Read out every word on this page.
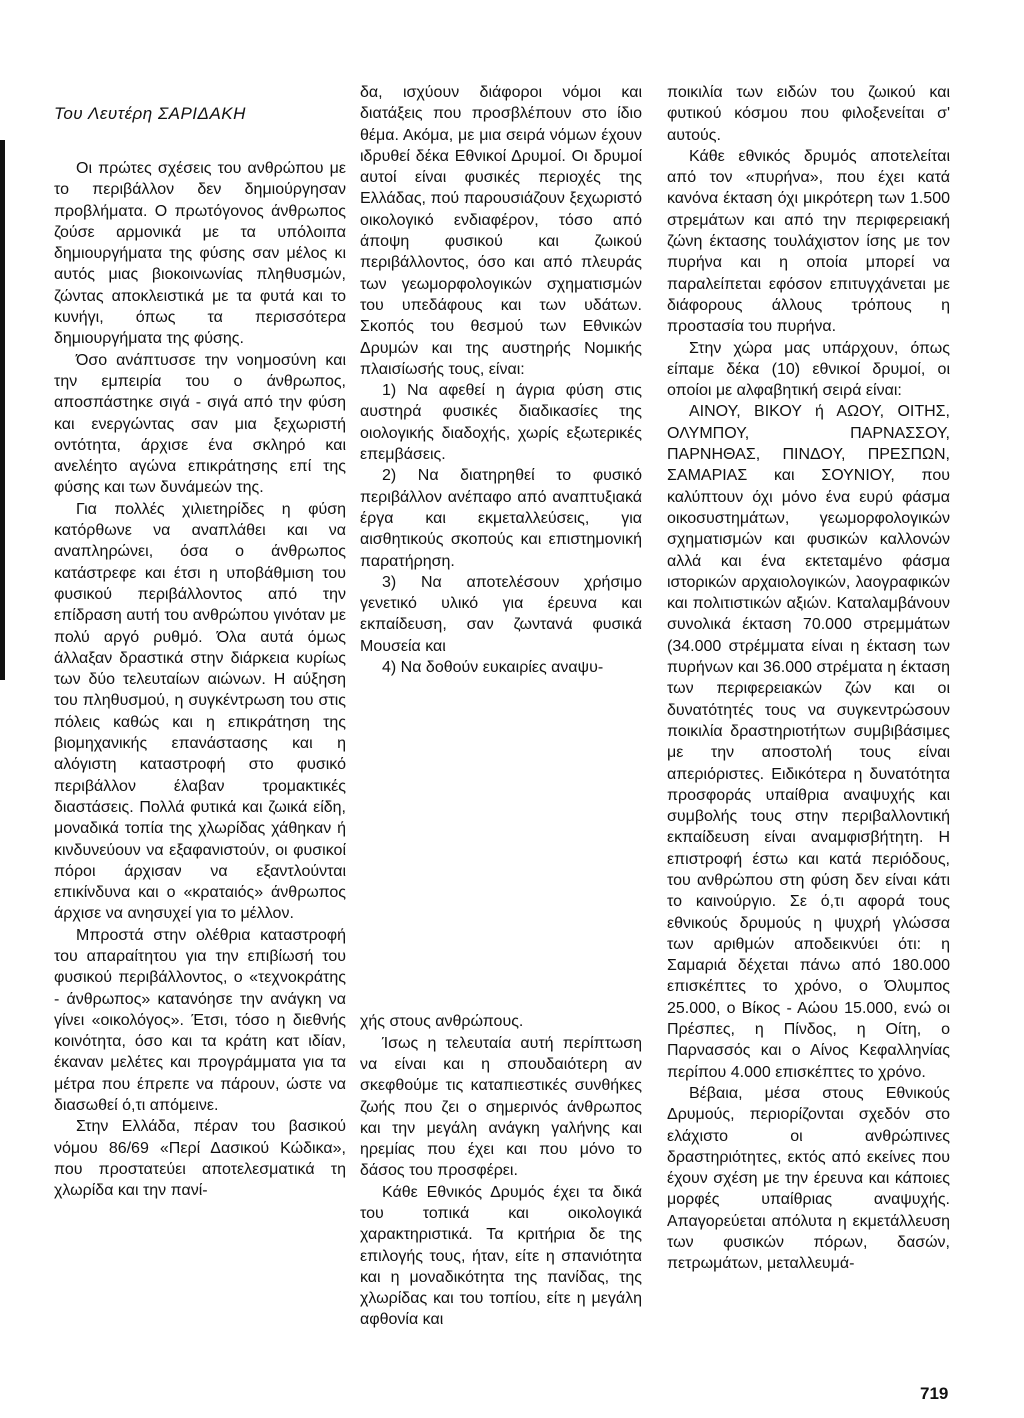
Του Λευτέρη ΣΑΡΙΔΑΚΗ

Οι πρώτες σχέσεις του ανθρώπου με το περιβάλλον δεν δημιούργησαν προβλήματα. Ο πρωτόγονος άνθρωπος ζούσε αρμονικά με τα υπόλοιπα δημιουργήματα της φύσης σαν μέλος κι αυτός μιας βιοκοινωνίας πληθυσμών, ζώντας αποκλειστικά με τα φυτά και το κυνήγι, όπως τα περισσότερα δημιουργήματα της φύσης.

Όσο ανάπτυσσε την νοημοσύνη και την εμπειρία του ο άνθρωπος, αποσπάστηκε σιγά - σιγά από την φύση και ενεργώντας σαν μια ξεχωριστή οντότητα, άρχισε ένα σκληρό και ανελέητο αγώνα επικράτησης επί της φύσης και των δυνάμεών της.

Για πολλές χιλιετηρίδες η φύση κατόρθωνε να αναπλάθει και να αναπληρώνει, όσα ο άνθρωπος κατάστρεφε και έτσι η υποβάθμιση του φυσικού περιβάλλοντος από την επίδραση αυτή του ανθρώπου γινόταν με πολύ αργό ρυθμό. Όλα αυτά όμως άλλαξαν δραστικά στην διάρκεια κυρίως των δύο τελευταίων αιώνων. Η αύξηση του πληθυσμού, η συγκέντρωση του στις πόλεις καθώς και η επικράτηση της βιομηχανικής επανάστασης και η αλόγιστη καταστροφή στο φυσικό περιβάλλον έλαβαν τρομακτικές διαστάσεις. Πολλά φυτικά και ζωικά είδη, μοναδικά τοπία της χλωρίδας χάθηκαν ή κινδυνεύουν να εξαφανιστούν, οι φυσικοί πόροι άρχισαν να εξαντλούνται επικίνδυνα και ο «κραταιός» άνθρωπος άρχισε να ανησυχεί για το μέλλον.

Μπροστά στην ολέθρια καταστροφή του απαραίτητου για την επιβίωσή του φυσικού περιβάλλοντος, ο «τεχνοκράτης - άνθρωπος» κατανόησε την ανάγκη να γίνει «οικολόγος». Έτσι, τόσο η διεθνής κοινότητα, όσο και τα κράτη κατ ιδίαν, έκαναν μελέτες και προγράμματα για τα μέτρα που έπρεπε να πάρουν, ώστε να διασωθεί ό,τι απόμεινε.

Στην Ελλάδα, πέραν του βασικού νόμου 86/69 «Περί Δασικού Κώδικα», που προστατεύει αποτελεσματικά τη χλωρίδα και την πανί-

δα, ισχύουν διάφοροι νόμοι και διατάξεις που προσβλέπουν στο ίδιο θέμα. Ακόμα, με μια σειρά νόμων έχουν ιδρυθεί δέκα Εθνικοί Δρυμοί. Οι δρυμοί αυτοί είναι φυσικές περιοχές της Ελλάδας, πού παρουσιάζουν ξεχωριστό οικολογικό ενδιαφέρον, τόσο από άποψη φυσικού και ζωικού περιβάλλοντος, όσο και από πλευράς των γεωμορφολογικών σχηματισμών του υπεδάφους και των υδάτων. Σκοπός του θεσμού των Εθνικών Δρυμών και της αυστηρής Νομικής πλαισίωσής τους, είναι:

1) Να αφεθεί η άγρια φύση στις αυστηρά φυσικές διαδικασίες της οιολογικής διαδοχής, χωρίς εξωτερικές επεμβάσεις.

2) Να διατηρηθεί το φυσικό περιβάλλον ανέπαφο από αναπτυξιακά έργα και εκμεταλλεύσεις, για αισθητικούς σκοπούς και επιστημονική παρατήρηση.

3) Να αποτελέσουν χρήσιμο γενετικό υλικό για έρευνα και εκπαίδευση, σαν ζωντανά φυσικά Μουσεία και

4) Να δοθούν ευκαιρίες αναψυ-

χής στους ανθρώπους.

Ίσως η τελευταία αυτή περίπτωση να είναι και η σπουδαιότερη αν σκεφθούμε τις καταπιεστικές συνθήκες ζωής που ζει ο σημερινός άνθρωπος και την μεγάλη ανάγκη γαλήνης και ηρεμίας που έχει και που μόνο το δάσος του προσφέρει.

Κάθε Εθνικός Δρυμός έχει τα δικά του τοπικά και οικολογικά χαρακτηριστικά. Τα κριτήρια δε της επιλογής τους, ήταν, είτε η σπανιότητα και η μοναδικότητα της πανίδας, της χλωρίδας και του τοπίου, είτε η μεγάλη αφθονία και

ποικιλία των ειδών του ζωικού και φυτικού κόσμου που φιλοξενείται σ' αυτούς.

Κάθε εθνικός δρυμός αποτελείται από τον «πυρήνα», που έχει κατά κανόνα έκταση όχι μικρότερη των 1.500 στρεμάτων και από την περιφερειακή ζώνη έκτασης τουλάχιστον ίσης με τον πυρήνα και η οποία μπορεί να παραλείπεται εφόσον επιτυγχάνεται με διάφορους άλλους τρόπους η προστασία του πυρήνα.

Στην χώρα μας υπάρχουν, όπως είπαμε δέκα (10) εθνικοί δρυμοί, οι οποίοι με αλφαβητική σειρά είναι:

ΑΙΝΟΥ, ΒΙΚΟΥ ή ΑΩΟΥ, ΟΙΤΗΣ, ΟΛΥΜΠΟΥ, ΠΑΡΝΑΣΣΟΥ, ΠΑΡΝΗΘΑΣ, ΠΙΝΔΟΥ, ΠΡΕΣΠΩΝ, ΣΑΜΑΡΙΑΣ και ΣΟΥΝΙΟΥ, που καλύπτουν όχι μόνο ένα ευρύ φάσμα οικοσυστημάτων, γεωμορφολογικών σχηματισμών και φυσικών καλλονών αλλά και ένα εκτεταμένο φάσμα ιστορικών αρχαιολογικών, λαογραφικών και πολιτιστικών αξιών. Καταλαμβάνουν συνολικά έκταση 70.000 στρεμμάτων (34.000 στρέμματα είναι η έκταση των πυρήνων και 36.000 στρέματα η έκταση των περιφερειακών ζών και οι δυνατότητές τους να συγκεντρώσουν ποικιλία δραστηριοτήτων συμβιβάσιμες με την αποστολή τους είναι απεριόριστες. Ειδικότερα η δυνατότητα προσφοράς υπαίθρια αναψυχής και συμβολής τους στην περιβαλλοντική εκπαίδευση είναι αναμφισβήτητη. Η επιστροφή έστω και κατά περιόδους, του ανθρώπου στη φύση δεν είναι κάτι το καινούργιο. Σε ό,τι αφορά τους εθνικούς δρυμούς η ψυχρή γλώσσα των αριθμών αποδεικνύει ότι: η Σαμαριά δέχεται πάνω από 180.000 επισκέπτες το χρόνο, ο Όλυμπος 25.000, ο Βίκος - Αώου 15.000, ενώ οι Πρέσπες, η Πίνδος, η Οίτη, ο Παρνασσός και ο Αίνος Κεφαλληνίας περίπου 4.000 επισκέπτες το χρόνο.

Βέβαια, μέσα στους Εθνικούς Δρυμούς, περιορίζονται σχεδόν στο ελάχιστο οι ανθρώπινες δραστηριότητες, εκτός από εκείνες που έχουν σχέση με την έρευνα και κάποιες μορφές υπαίθριας αναψυχής. Απαγορεύεται απόλυτα η εκμετάλλευση των φυσικών πόρων, δασών, πετρωμάτων, μεταλλευμά-

719
